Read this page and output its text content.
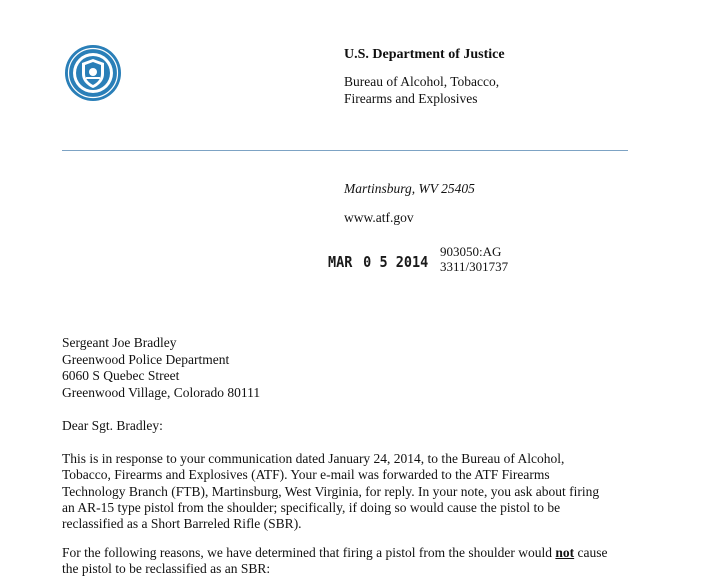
U.S. Department of Justice
Bureau of Alcohol, Tobacco,
Firearms and Explosives
Martinsburg, WV 25405
www.atf.gov
MAR 0 5 2014
903050:AG
3311/301737
Sergeant Joe Bradley
Greenwood Police Department
6060 S Quebec Street
Greenwood Village, Colorado 80111
Dear Sgt. Bradley:
This is in response to your communication dated January 24, 2014, to the Bureau of Alcohol,
Tobacco, Firearms and Explosives (ATF). Your e-mail was forwarded to the ATF Firearms
Technology Branch (FTB), Martinsburg, West Virginia, for reply. In your note, you ask about firing
an AR-15 type pistol from the shoulder; specifically, if doing so would cause the pistol to be
reclassified as a Short Barreled Rifle (SBR).
For the following reasons, we have determined that firing a pistol from the shoulder would not cause
the pistol to be reclassified as an SBR:
